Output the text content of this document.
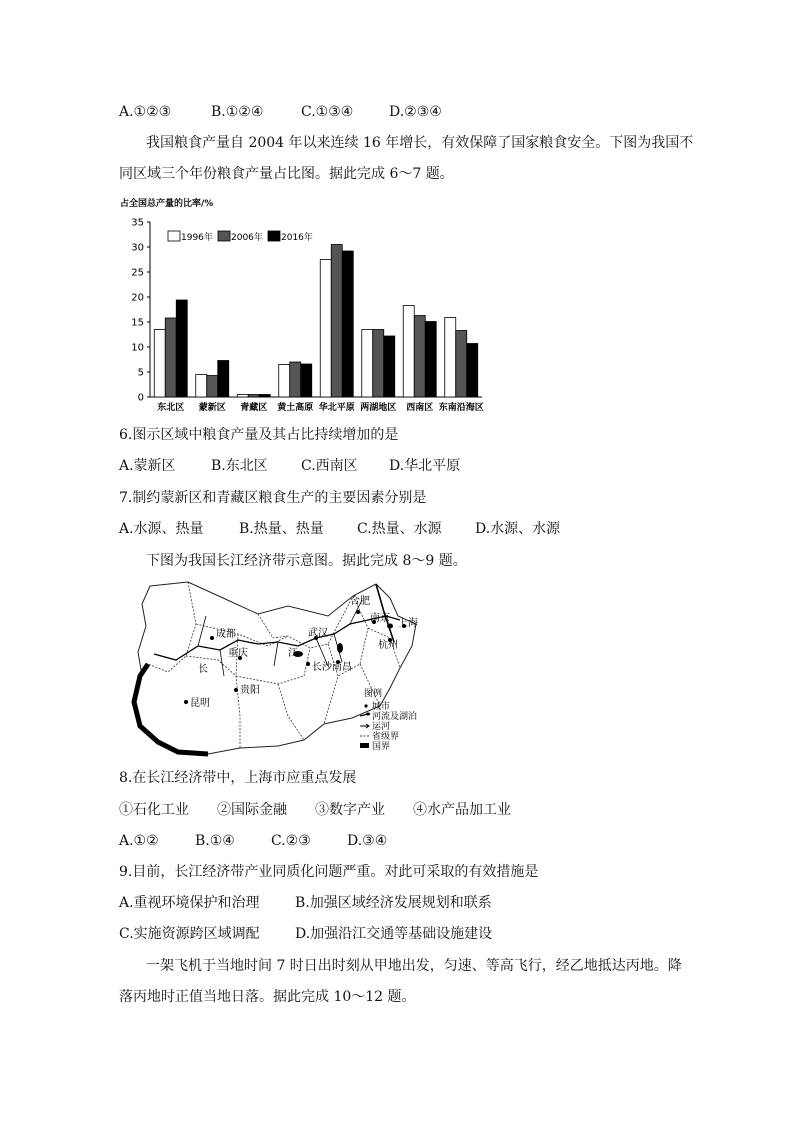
A.①②③	B.①②④	C.①③④	D.②③④
我国粮食产量自 2004 年以来连续 16 年增长，有效保障了国家粮食安全。下图为我国不
同区域三个年份粮食产量占比图。据此完成 6～7 题。
占全国总产量的比率/%
0
5
10
15
20
25
30
35
东北区 蒙新区 青藏区 黄土高原 华北平原 两湖地区 西南区 东南沿海区
1996年 2006年 2016年
6.图示区域中粮食产量及其占比持续增加的是
A.蒙新区	B.东北区 C.西南区 D.华北平原
7.制约蒙新区和青藏区粮食生产的主要因素分别是
A.水源、热量	B.热量、热量 C.热量、水源 D.水源、水源
下图为我国长江经济带示意图。据此完成 8～9 题。
合肥
南京 上海
武汉
杭州
成都
重庆
长沙 南昌
贵阳
昆明
长
江
图例
城市
河流及湖泊
运河
省级界
国界
8.在长江经济带中，上海市应重点发展
①石化工业 ②国际金融 ③数字产业 ④水产品加工业
A.①②	B.①④	C.②③	D.③④
9.目前，长江经济带产业同质化问题严重。对此可采取的有效措施是
A.重视环境保护和治理	B.加强区域经济发展规划和联系
C.实施资源跨区域调配	D.加强沿江交通等基础设施建设
一架飞机于当地时间 7 时日出时刻从甲地出发，匀速、等高飞行，经乙地抵达丙地。降
落丙地时正值当地日落。据此完成 10～12 题。
